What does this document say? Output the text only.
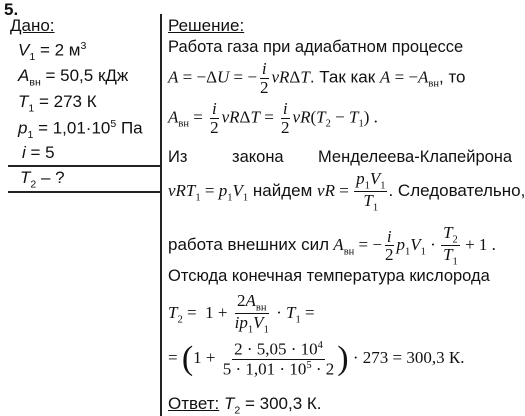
5.
Дано:
$V_1 = 2$ $м^3$
$A_{вн} = 50,5$ кДж
$T_1 = 273$ К
$p_1 = 1,01\cdot 10^5$ Па
i = 5
$T_2$ – ?
Решение:
Работа газа при адиабатном процессе
A = −ΔU = − $\frac{i}{2} \nu R\Delta T$. Так как $A = -A_{вн}$, то
$A_{вн} = \frac{i}{2}$ $\nu R\Delta T = \frac{i}{2} \nu R(T_2 - T_1)$ .
Из	закона Менделеева-Клапейрона
$\nu RT_1 = p_1V_1$ найдем $\nu R = \frac{p_1V_1}{T_1}$ . Следовательно,
работа внешних сил $A_{вн}$ = − $\frac{i}{2} p_1V_1 \cdot \frac{T_2}{T_1} + 1$ .
Отсюда конечная температура кислорода
$T_2 = 1 + \frac{2A_{вн}}{ip_1V_1} \cdot T_1$ =
= ($1 + \frac{2 \cdot 5,05 \cdot 10^4}{5 \cdot 1,01 \cdot 10^5 \cdot 2}$ ) · 273 = 300,3 К.
Ответ: $T_2 = 300,3$ К.
